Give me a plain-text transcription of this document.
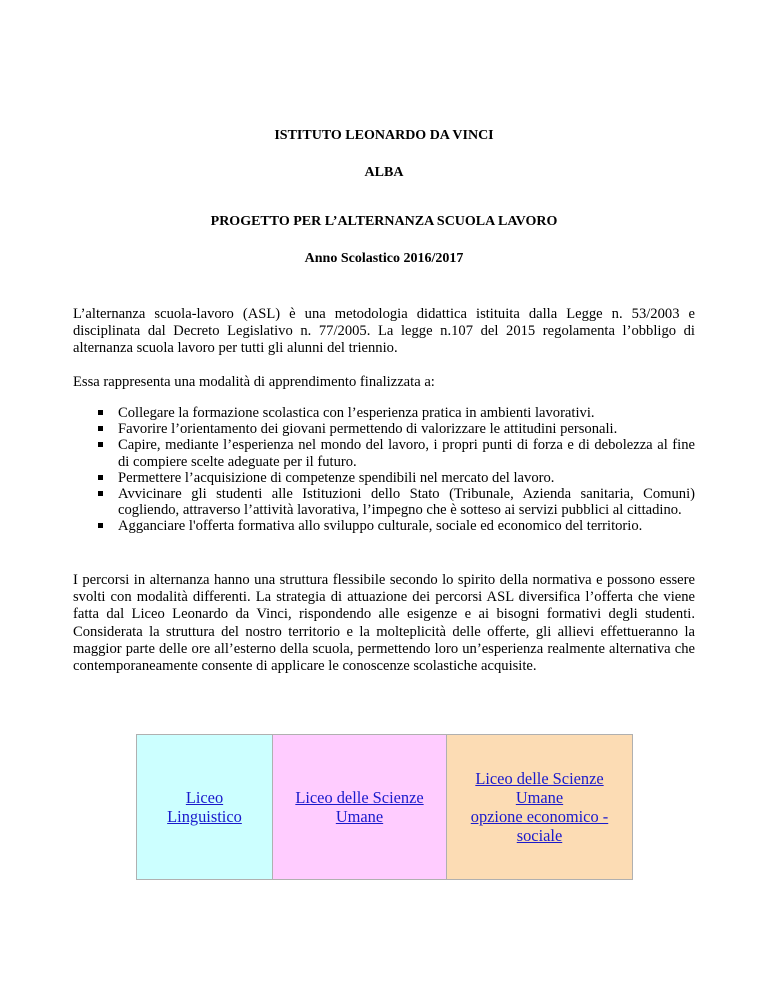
ISTITUTO LEONARDO DA VINCI
ALBA
PROGETTO PER L’ALTERNANZA SCUOLA LAVORO
Anno Scolastico 2016/2017
L’alternanza scuola-lavoro (ASL) è una metodologia didattica istituita dalla Legge n. 53/2003 e disciplinata dal Decreto Legislativo n. 77/2005. La legge n.107 del 2015 regolamenta l’obbligo di alternanza scuola lavoro per tutti gli alunni del triennio.
Essa rappresenta una modalità di apprendimento finalizzata a:
Collegare la formazione scolastica con l’esperienza pratica in ambienti lavorativi.
Favorire l’orientamento dei giovani permettendo di valorizzare le attitudini personali.
Capire, mediante l’esperienza nel mondo del lavoro, i propri punti di forza e di debolezza al fine di compiere scelte adeguate per il futuro.
Permettere l’acquisizione di competenze spendibili nel mercato del lavoro.
Avvicinare gli studenti alle Istituzioni dello Stato (Tribunale, Azienda sanitaria, Comuni) cogliendo, attraverso l’attività lavorativa, l’impegno che è sotteso ai servizi pubblici al cittadino.
Agganciare l'offerta formativa allo sviluppo culturale, sociale ed economico del territorio.
I percorsi in alternanza hanno una struttura flessibile secondo lo spirito della normativa e possono essere svolti con modalità differenti. La strategia di attuazione dei percorsi ASL diversifica l’offerta che viene fatta dal Liceo Leonardo da Vinci, rispondendo alle esigenze e ai bisogni formativi degli studenti. Considerata la struttura del nostro territorio e la molteplicità delle offerte, gli allievi effettueranno la maggior parte delle ore all’esterno della scuola, permettendo loro un’esperienza realmente alternativa che contemporaneamente consente di applicare le conoscenze scolastiche acquisite.
Liceo
Linguistico
Liceo delle Scienze
Umane
Liceo delle Scienze
Umane
opzione economico -
sociale
